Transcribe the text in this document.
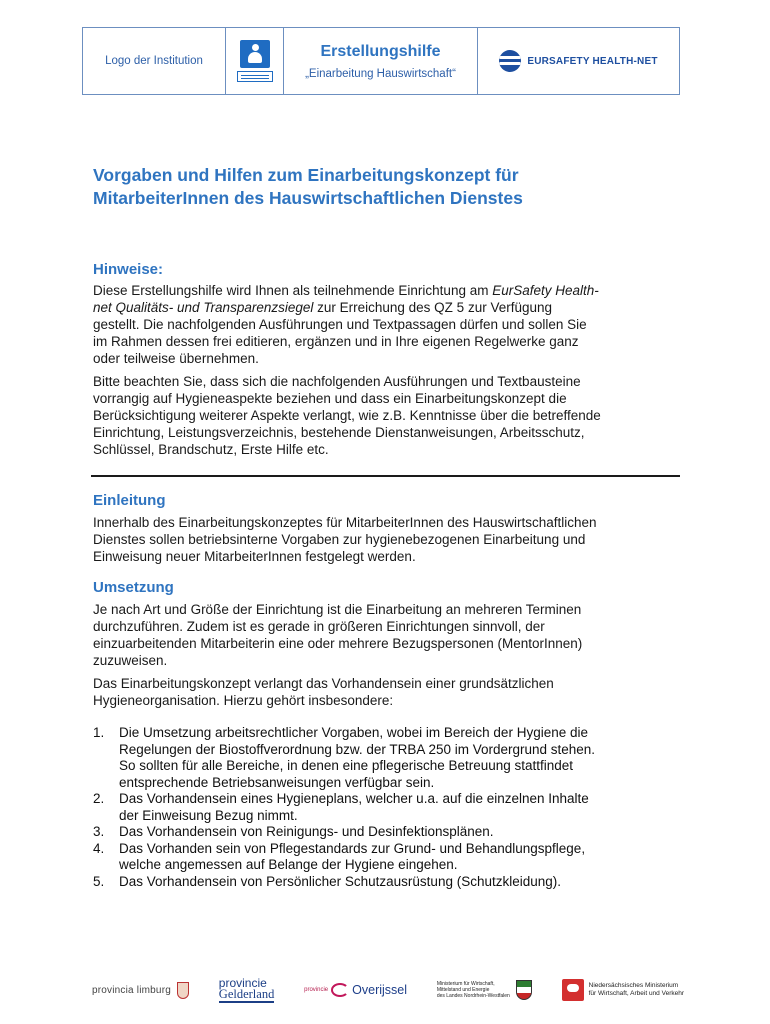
Logo der Institution
Erstellungshilfe
„Einarbeitung Hauswirtschaft“
EURSAFETY HEALTH-NET
Vorgaben und Hilfen zum Einarbeitungskonzept für
MitarbeiterInnen des Hauswirtschaftlichen Dienstes
Hinweise:
Diese Erstellungshilfe wird Ihnen als teilnehmende Einrichtung am EurSafety Health-
net Qualitäts- und Transparenzsiegel zur Erreichung des QZ 5 zur Verfügung
gestellt. Die nachfolgenden Ausführungen und Textpassagen dürfen und sollen Sie
im Rahmen dessen frei editieren, ergänzen und in Ihre eigenen Regelwerke ganz
oder teilweise übernehmen.
Bitte beachten Sie, dass sich die nachfolgenden Ausführungen und Textbausteine
vorrangig auf Hygieneaspekte beziehen und dass ein Einarbeitungskonzept die
Berücksichtigung weiterer Aspekte verlangt, wie z.B. Kenntnisse über die betreffende
Einrichtung, Leistungsverzeichnis, bestehende Dienstanweisungen, Arbeitsschutz,
Schlüssel, Brandschutz, Erste Hilfe etc.
Einleitung
Innerhalb des Einarbeitungskonzeptes für MitarbeiterInnen des Hauswirtschaftlichen
Dienstes sollen betriebsinterne Vorgaben zur hygienebezogenen Einarbeitung und
Einweisung neuer MitarbeiterInnen festgelegt werden.
Umsetzung
Je nach Art und Größe der Einrichtung ist die Einarbeitung an mehreren Terminen
durchzuführen. Zudem ist es gerade in größeren Einrichtungen sinnvoll, der
einzuarbeitenden Mitarbeiterin eine oder mehrere Bezugspersonen (MentorInnen)
zuzuweisen.
Das Einarbeitungskonzept verlangt das Vorhandensein einer grundsätzlichen
Hygieneorganisation. Hierzu gehört insbesondere:
1.	Die Umsetzung arbeitsrechtlicher Vorgaben, wobei im Bereich der Hygiene die
Regelungen der Biostoffverordnung bzw. der TRBA 250 im Vordergrund stehen.
So sollten für alle Bereiche, in denen eine pflegerische Betreuung stattfindet
entsprechende Betriebsanweisungen verfügbar sein.
2.	Das Vorhandensein eines Hygieneplans, welcher u.a. auf die einzelnen Inhalte
der Einweisung Bezug nimmt.
3.	Das Vorhandensein von Reinigungs- und Desinfektionsplänen.
4.	Das Vorhanden sein von Pflegestandards zur Grund- und Behandlungspflege,
welche angemessen auf Belange der Hygiene eingehen.
5.	Das Vorhandensein von Persönlicher Schutzausrüstung (Schutzkleidung).
provincia limburg
provincie
Gelderland	provincie Overijssel	Ministerium für Wirtschaft,
Mittelstand und Energie
des Landes Nordrhein-Westfalen
Niedersächsisches Ministerium
für Wirtschaft, Arbeit und Verkehr
